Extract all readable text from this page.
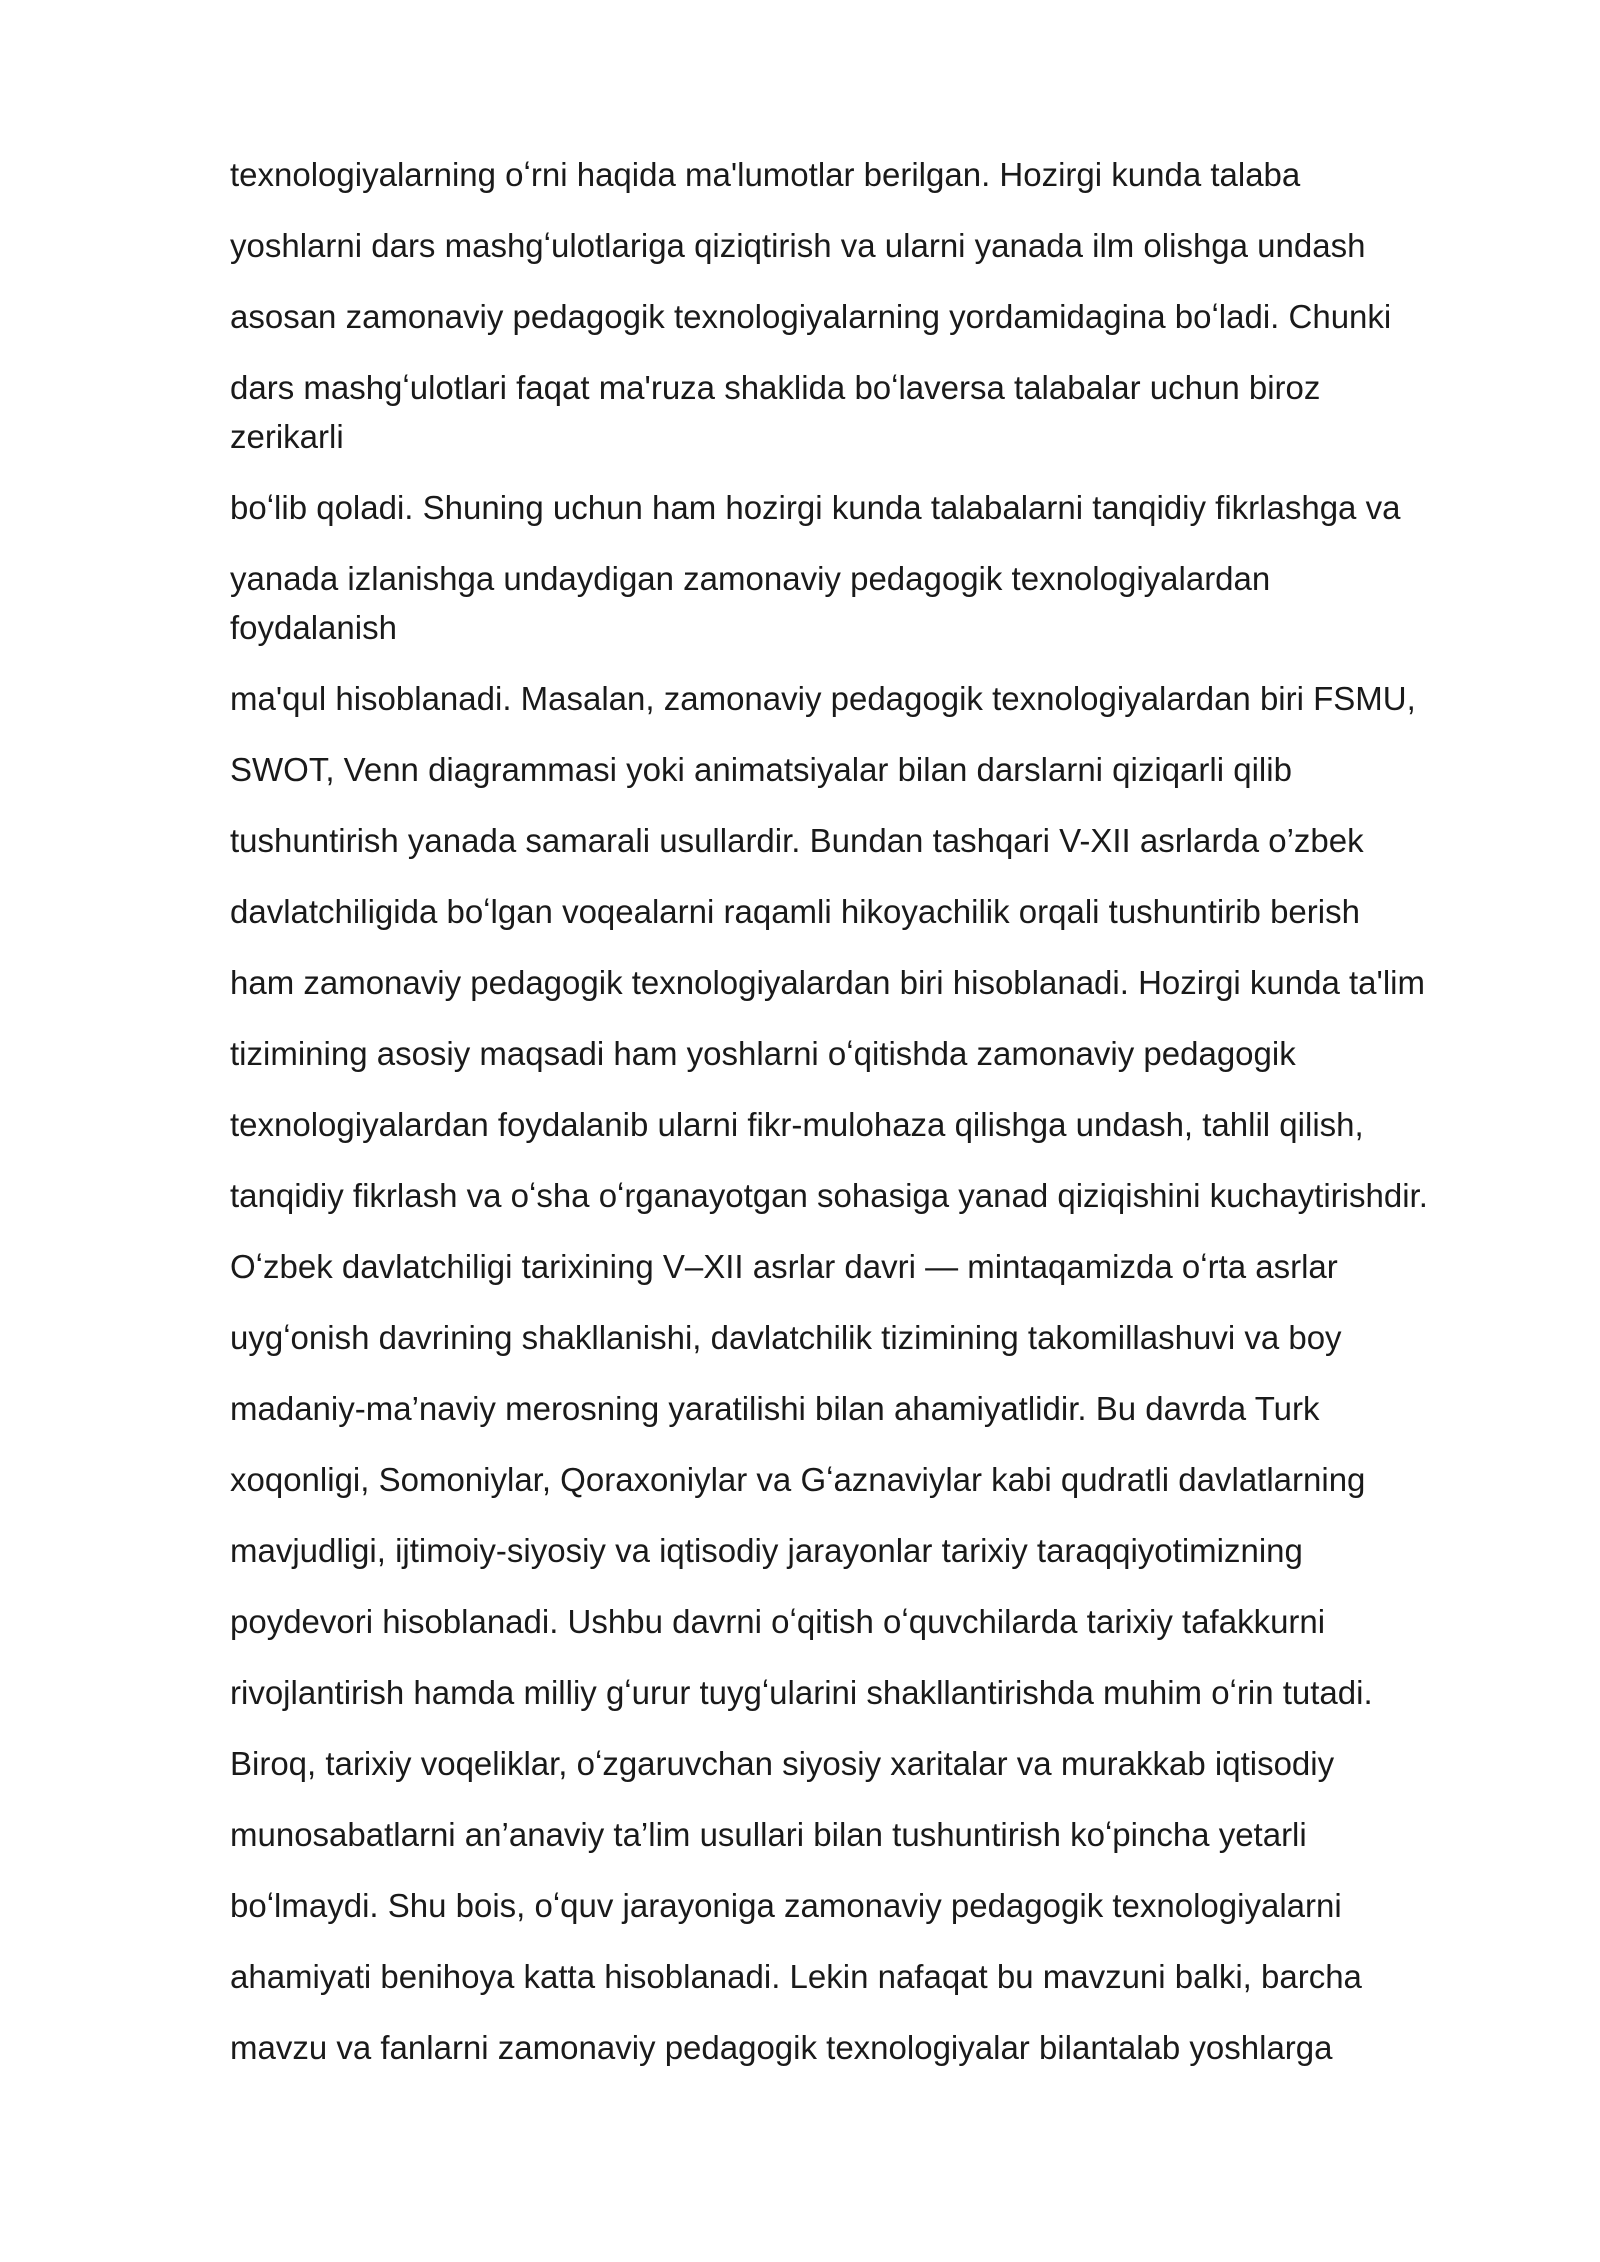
texnologiyalarning oʻrni haqida ma'lumotlar berilgan. Hozirgi kunda talaba
yoshlarni dars mashgʻulotlariga qiziqtirish va ularni yanada ilm olishga undash
asosan zamonaviy pedagogik texnologiyalarning yordamidagina boʻladi. Chunki
dars mashgʻulotlari faqat ma'ruza shaklida boʻlaversa talabalar uchun biroz
zerikarli
boʻlib qoladi. Shuning uchun ham hozirgi kunda talabalarni tanqidiy fikrlashga va
yanada izlanishga undaydigan zamonaviy pedagogik texnologiyalardan
foydalanish
ma'qul hisoblanadi. Masalan, zamonaviy pedagogik texnologiyalardan biri FSMU,
SWOT, Venn diagrammasi yoki animatsiyalar bilan darslarni qiziqarli qilib
tushuntirish yanada samarali usullardir. Bundan tashqari V-XII asrlarda o’zbek
davlatchiligida boʻlgan voqealarni raqamli hikoyachilik orqali tushuntirib berish
ham zamonaviy pedagogik texnologiyalardan biri hisoblanadi. Hozirgi kunda ta'lim
tizimining asosiy maqsadi ham yoshlarni oʻqitishda zamonaviy pedagogik
texnologiyalardan foydalanib ularni fikr-mulohaza qilishga undash, tahlil qilish,
tanqidiy fikrlash va oʻsha oʻrganayotgan sohasiga yanad qiziqishini kuchaytirishdir.
Oʻzbek davlatchiligi tarixining V–XII asrlar davri — mintaqamizda oʻrta asrlar
uygʻonish davrining shakllanishi, davlatchilik tizimining takomillashuvi va boy
madaniy-ma’naviy merosning yaratilishi bilan ahamiyatlidir. Bu davrda Turk
xoqonligi, Somoniylar, Qoraxoniylar va Gʻaznaviylar kabi qudratli davlatlarning
mavjudligi, ijtimoiy-siyosiy va iqtisodiy jarayonlar tarixiy taraqqiyotimizning
poydevori hisoblanadi. Ushbu davrni oʻqitish oʻquvchilarda tarixiy tafakkurni
rivojlantirish hamda milliy gʻurur tuygʻularini shakllantirishda muhim oʻrin tutadi.
Biroq, tarixiy voqeliklar, oʻzgaruvchan siyosiy xaritalar va murakkab iqtisodiy
munosabatlarni an’anaviy ta’lim usullari bilan tushuntirish koʻpincha yetarli
boʻlmaydi. Shu bois, oʻquv jarayoniga zamonaviy pedagogik texnologiyalarni
ahamiyati benihoya katta hisoblanadi. Lekin nafaqat bu mavzuni balki, barcha
mavzu va fanlarni zamonaviy pedagogik texnologiyalar bilantalab yoshlarga
